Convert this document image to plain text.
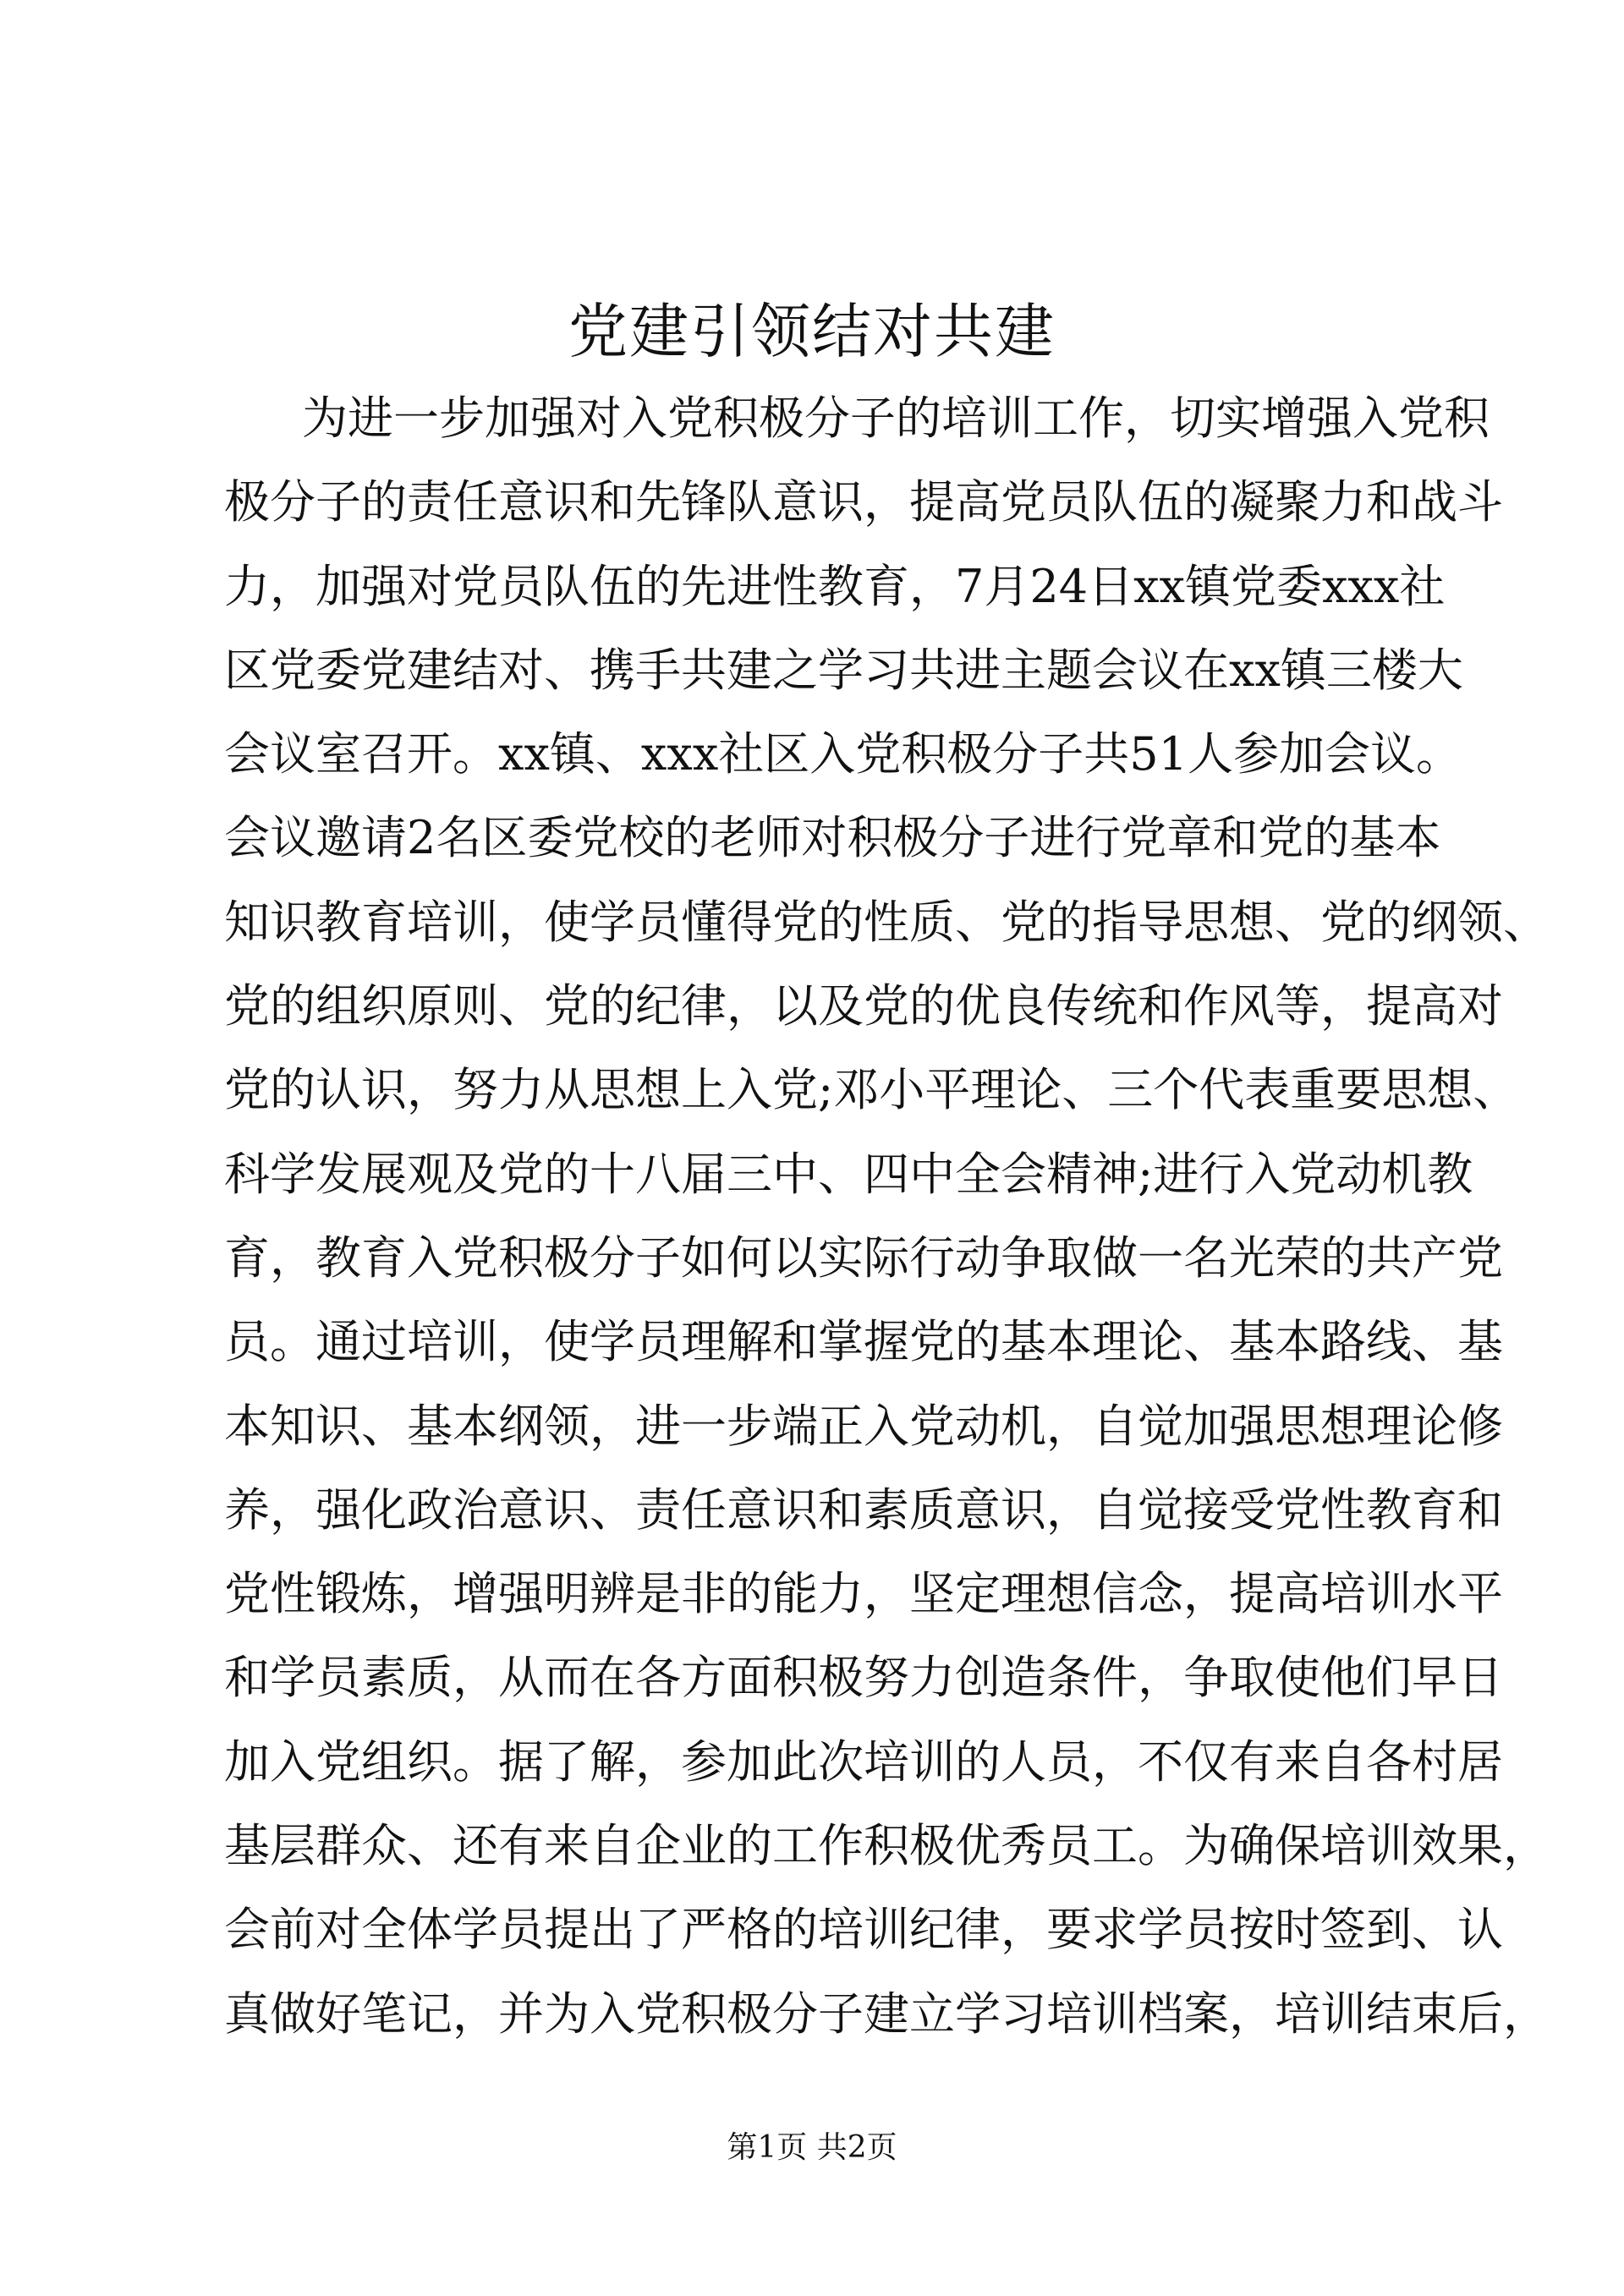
党建引领结对共建
为进一步加强对入党积极分子的培训工作，切实增强入党积
极分子的责任意识和先锋队意识，提高党员队伍的凝聚力和战斗
力，加强对党员队伍的先进性教育，7月24日xx镇党委xxx社
区党委党建结对、携手共建之学习共进主题会议在xx镇三楼大
会议室召开。xx镇、xxx社区入党积极分子共51人参加会议。
会议邀请2名区委党校的老师对积极分子进行党章和党的基本
知识教育培训，使学员懂得党的性质、党的指导思想、党的纲领、
党的组织原则、党的纪律，以及党的优良传统和作风等，提高对
党的认识，努力从思想上入党;邓小平理论、三个代表重要思想、
科学发展观及党的十八届三中、四中全会精神;进行入党动机教
育，教育入党积极分子如何以实际行动争取做一名光荣的共产党
员。通过培训，使学员理解和掌握党的基本理论、基本路线、基
本知识、基本纲领，进一步端正入党动机，自觉加强思想理论修
养，强化政治意识、责任意识和素质意识，自觉接受党性教育和
党性锻炼，增强明辨是非的能力，坚定理想信念，提高培训水平
和学员素质，从而在各方面积极努力创造条件，争取使他们早日
加入党组织。据了解，参加此次培训的人员，不仅有来自各村居
基层群众、还有来自企业的工作积极优秀员工。为确保培训效果，
会前对全体学员提出了严格的培训纪律，要求学员按时签到、认
真做好笔记，并为入党积极分子建立学习培训档案，培训结束后，
第1页 共2页
